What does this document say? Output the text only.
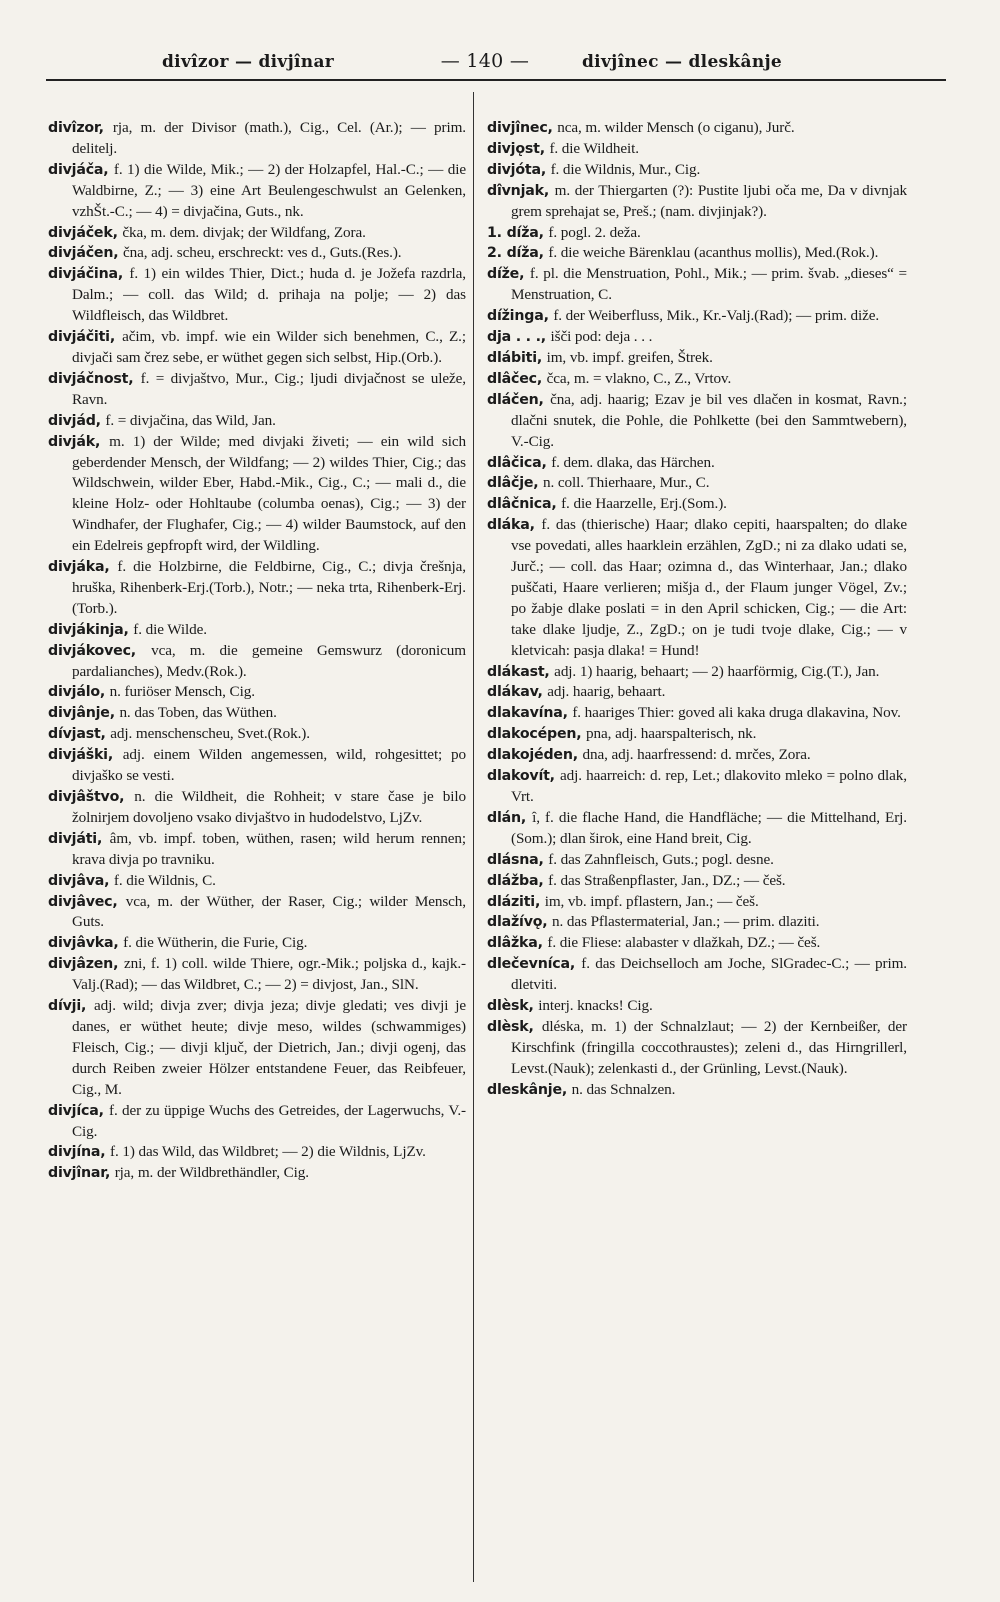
divîzor — divjînar	— 140 —	divjînec — dleskânje

divîzor, rja, m. der Divisor (math.), Cig., Cel. (Ar.); — prim. delitelj.

divjáča, f. 1) die Wilde, Mik.; — 2) der Holzapfel, Hal.-C.; — die Waldbirne, Z.; — 3) eine Art Beulengeschwulst an Gelenken, vzhŠt.-C.; — 4) = divjačina, Guts., nk.

divjáček, čka, m. dem. divjak; der Wildfang, Zora.

divjáčen, čna, adj. scheu, erschreckt: ves d., Guts.(Res.).

divjáčina, f. 1) ein wildes Thier, Dict.; huda d. je Jožefa razdrla, Dalm.; — coll. das Wild; d. prihaja na polje; — 2) das Wildfleisch, das Wildbret.

divjáčiti, ačim, vb. impf. wie ein Wilder sich benehmen, C., Z.; divjači sam črez sebe, er wüthet gegen sich selbst, Hip.(Orb.).

divjáčnost, f. = divjaštvo, Mur., Cig.; ljudi divjačnost se uleže, Ravn.

divjád, f. = divjačina, das Wild, Jan.

divják, m. 1) der Wilde; med divjaki živeti; — ein wild sich geberdender Mensch, der Wildfang; — 2) wildes Thier, Cig.; das Wildschwein, wilder Eber, Habd.-Mik., Cig., C.; — mali d., die kleine Holz- oder Hohltaube (columba oenas), Cig.; — 3) der Windhafer, der Flughafer, Cig.; — 4) wilder Baumstock, auf den ein Edelreis gepfropft wird, der Wildling.

divjáka, f. die Holzbirne, die Feldbirne, Cig., C.; divja črešnja, hruška, Rihenberk-Erj.(Torb.), Notr.; — neka trta, Rihenberk-Erj.(Torb.).

divjákinja, f. die Wilde.

divjákovec, vca, m. die gemeine Gemswurz (doronicum pardalianches), Medv.(Rok.).

divjálo, n. furiöser Mensch, Cig.

divjânje, n. das Toben, das Wüthen.

dívjast, adj. menschenscheu, Svet.(Rok.).

divjáški, adj. einem Wilden angemessen, wild, rohgesittet; po divjaško se vesti.

divjâštvo, n. die Wildheit, die Rohheit; v stare čase je bilo žolnirjem dovoljeno vsako divjaštvo in hudodelstvo, LjZv.

divjáti, âm, vb. impf. toben, wüthen, rasen; wild herum rennen; krava divja po travniku.

divjâva, f. die Wildnis, C.

divjâvec, vca, m. der Wüther, der Raser, Cig.; wilder Mensch, Guts.

divjâvka, f. die Wütherin, die Furie, Cig.

divjâzen, zni, f. 1) coll. wilde Thiere, ogr.-Mik.; poljska d., kajk.-Valj.(Rad); — das Wildbret, C.; — 2) = divjost, Jan., SlN.

dívji, adj. wild; divja zver; divja jeza; divje gledati; ves divji je danes, er wüthet heute; divje meso, wildes (schwammiges) Fleisch, Cig.; — divji ključ, der Dietrich, Jan.; divji ogenj, das durch Reiben zweier Hölzer entstandene Feuer, das Reibfeuer, Cig., M.

divjíca, f. der zu üppige Wuchs des Getreides, der Lagerwuchs, V.-Cig.

divjína, f. 1) das Wild, das Wildbret; — 2) die Wildnis, LjZv.

divjînar, rja, m. der Wildbrethändler, Cig.

divjînec, nca, m. wilder Mensch (o ciganu), Jurč.

divjǫst, f. die Wildheit.

divjóta, f. die Wildnis, Mur., Cig.

dîvnjak, m. der Thiergarten (?): Pustite ljubi oča me, Da v divnjak grem sprehajat se, Preš.; (nam. divjinjak?).

1. díža, f. pogl. 2. deža.

2. díža, f. die weiche Bärenklau (acanthus mollis), Med.(Rok.).

díže, f. pl. die Menstruation, Pohl., Mik.; — prim. švab. „dieses“ = Menstruation, C.

dížinga, f. der Weiberfluss, Mik., Kr.-Valj.(Rad); — prim. diže.

dja . . ., išči pod: deja . . .

dlábiti, im, vb. impf. greifen, Štrek.

dlâčec, čca, m. = vlakno, C., Z., Vrtov.

dláčen, čna, adj. haarig; Ezav je bil ves dlačen in kosmat, Ravn.; dlačni snutek, die Pohle, die Pohlkette (bei den Sammtwebern), V.-Cig.

dlâčica, f. dem. dlaka, das Härchen.

dlâčje, n. coll. Thierhaare, Mur., C.

dlâčnica, f. die Haarzelle, Erj.(Som.).

dláka, f. das (thierische) Haar; dlako cepiti, haarspalten; do dlake vse povedati, alles haarklein erzählen, ZgD.; ni za dlako udati se, Jurč.; — coll. das Haar; ozimna d., das Winterhaar, Jan.; dlako puščati, Haare verlieren; mišja d., der Flaum junger Vögel, Zv.; po žabje dlake poslati = in den April schicken, Cig.; — die Art: take dlake ljudje, Z., ZgD.; on je tudi tvoje dlake, Cig.; — v kletvicah: pasja dlaka! = Hund!

dlákast, adj. 1) haarig, behaart; — 2) haarförmig, Cig.(T.), Jan.

dlákav, adj. haarig, behaart.

dlakavína, f. haariges Thier: goved ali kaka druga dlakavina, Nov.

dlakocépen, pna, adj. haarspalterisch, nk.

dlakojéden, dna, adj. haarfressend: d. mrčes, Zora.

dlakovít, adj. haarreich: d. rep, Let.; dlakovito mleko = polno dlak, Vrt.

dlán, î, f. die flache Hand, die Handfläche; — die Mittelhand, Erj.(Som.); dlan širok, eine Hand breit, Cig.

dlásna, f. das Zahnfleisch, Guts.; pogl. desne.

dlážba, f. das Straßenpflaster, Jan., DZ.; — češ.

dláziti, im, vb. impf. pflastern, Jan.; — češ.

dlažívǫ, n. das Pflastermaterial, Jan.; — prim. dlaziti.

dlâžka, f. die Fliese: alabaster v dlažkah, DZ.; — češ.

dlečevníca, f. das Deichselloch am Joche, SlGradec-C.; — prim. dletviti.

dlèsk, interj. knacks! Cig.

dlèsk, dléska, m. 1) der Schnalzlaut; — 2) der Kernbeißer, der Kirschfink (fringilla coccothraustes); zeleni d., das Hirngrillerl, Levst.(Nauk); zelenkasti d., der Grünling, Levst.(Nauk).

dleskânje, n. das Schnalzen.
